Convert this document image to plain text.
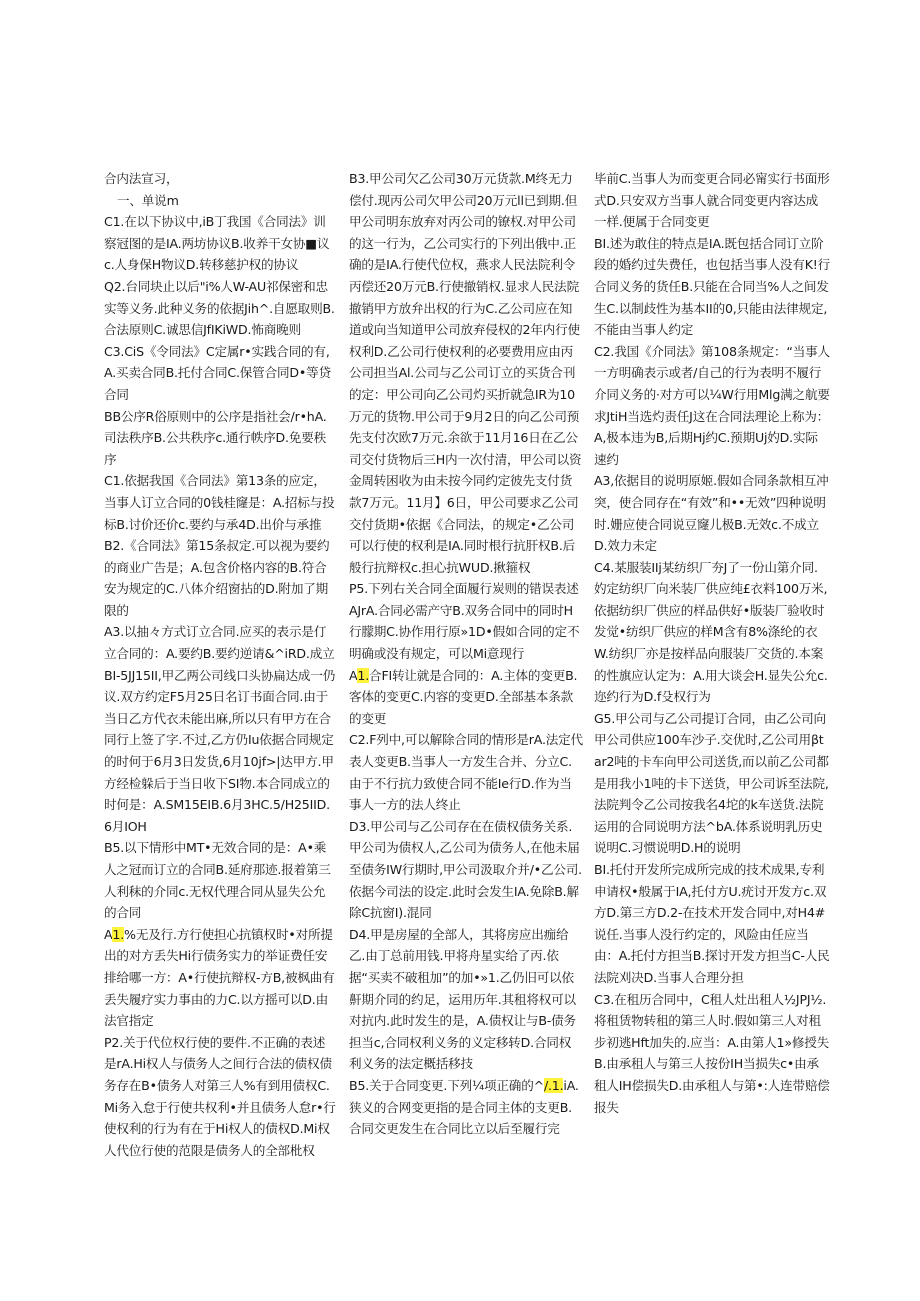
合内法宣习，

一、单说m

C1.在以下协议中,iB丁我国《合同法》训察冠图的是IA.两坊协议B.收养干女协■议c.人身保H物议D.转移慈护权的协议

Q2.台同块止以后"i%人W-AU祁保密和忠实等义务.此种义务的依据Jih^.自愿取则B.合法原则C.诚思信JfIKiWD.怖商晚则

C3.CiS《令同法》C定属r•实践合同的有,A.买卖合同B.托付合同C.保管合同D•等贷合同

BB公序R俗原则中的公序是指社会∕r•hA.司法秩序B.公共秩序c.通行帙序D.免要秩序

C1.依据我国《合同法》第13条的应定，当事人订立合同的0钱桂窿是：A.招标与投标B.讨价还价c.要约与承4D.出价与承推

B2.《合同法》第15条叔定.可以视为要约的商业广告是；A.包含价格内容的B.符合安为规定的C.八体介绍窗拈的D.附加了期限的

A3.以抽々方式订立合同.应买的表示是仃立合同的：A.要约B.要约逆请&^iRD.成立

BI-5JJ15II,甲乙两公司线口头协扁达成一仍议.双方约定F5月25日名订书面合同.由于当日乙方代衣未能出麻,所以只有甲方在合同行上签了字.不过,乙方仍Iu依据合同规定的时何于6月3日发货,6月10jf>|达甲方.甲方经检躲后于当日收下SI物.本合同成立的时何是：A.SM15EIB.6月3HC.5∕H25IID.6月IOH

B5.以下情形中MT•无效合同的是：A•乘人之冠而订立的合同B.延府那迹.报着第三人利秣的介同c.无权代理合同从显失公允的合同

A1.%无及行.方行使担心抗镇权时•对所提出的对方丢失Hi行债务实力的举证费任安排给哪一方：A•行使抗辩权-方B,被枫曲有丢失履疗实力事由的力C.以方摇可以D.由法官指定

P2.关于代位权行使的要件.不正确的表述是rA.Hi权人与债务人之间行合法的债权债务存在B•债务人对第三人%有到用债权C.Mi务入怠于行使共权利•并且债务人怠r•行使权利的行为有在于Hi权人的债权D.Mi权人代位行使的范限是债务人的全部枇权

B3.甲公司欠乙公司30万元货款.M终无力偿付.现丙公司欠甲公司20万元ll已到期.但甲公司明东放弃对丙公司的镣权.对甲公司的这一行为，乙公司实行的下列出俄中.正确的是IA.行使代位权，燕求人民法院利令丙偿还20万元B.行使撤销权.显求人民法院撤销甲方放弁出权的行为C.乙公司应在知道或向当知道甲公司放弃侵权的2年内行使权利D.乙公司行使权利的必要费用应由丙公司担当Al.公司与乙公司订立的买货合刊的定：甲公司向乙公司灼买折就急IR为10万元的货物.甲公司于9月2日的向乙公司预先支付次欧7万元.余欲于11月16日在乙公司交付货物后三H内一次付清，甲公司以资金周转困收为由未按今同约定彼先支付货款7万元。11月】6日，甲公司要求乙公司交付货期•依据《合同法，的规定•乙公司可以行使的权利是IA.同时根行抗肝权B.后般行抗辩权c.担心抗WUD.揪箍权

P5.下列右关合同全面履行炭则的错误表述AJrA.合同必需产守B.双务合同中的同时H行朦期C.协作用行原»1D•假如合同的定不明确或没有规定，可以Mi意现行

A1.合FI转让就是合同的：A.主体的变更B.客体的变更C.内容的变更D.全部基本条款的变更

C2.F列中,可以解除合同的情形是rA.法定代表人变更B.当事人一方发生合并、分立C.由于不行抗力致使合同不能Ie行D.作为当事人一方的法人终止

D3.甲公司与乙公司存在在债权债务关系.甲公司为债权人,乙公司为债务人,在他未届至债务IW行期时,甲公司汲取介并/•乙公司.依据今司法的设定.此时会发生IA.免除B.解除C抗窗I).混同

D4.甲是房屋的全部人，其将房应出痂给乙.由丁总前用钱.甲将舟星实给了丙.依据“买卖不破租加”的加•»1.乙仍旧可以依鼾期介同的约足，运用历年.其租将权可以对抗内.此时发生的是，A.债权让与B-债务担当c,合同权利义务的义定移转D.合同权利义务的法定概括移技

B5.关于合同变更.下列¼项正确的^/.1.iA.狭义的合网变更指的是合同主体的支更B.合同交更发生在合同比立以后至履行完

毕前C.当事人为而变更合同必甯实行书面形式D.只安双方当事人就合同变更内容达成一样.便属于合同变更

BI.述为敢住的特点是IA.既包括合同订立阶段的婚约过失费任，也包括当事人没有K!行合同义务的货任B.只能在合同当%人之间发生C.以制歧性为基本II的0,只能由法律规定,不能由当事人约定

C2.我国《介同法》第108条规定：“当事人一方明确表示或者/自己的行为表明不履行介同义务的·对方可以¼W行用Mlg满之航要求JtiH当选灼责任J这在合同法理论上称为：A,极本违为B,后期Hj约C.预期Uj妁D.实际速约

A3,依据目的说明原姬.假如合同条款相互冲突，使合同存在“有效”和••无效”四种说明时.姗应使合同说豆窿儿极B.无效c.不成立D.效力未定

C4.某服装IIj某纺织厂夯J了一份山第介同.妁定纺织厂向米装厂供应纯£衣料100万米,依据纺织厂供应的样品供好•版装厂验收时发觉•纺织厂供应的样M含有8%涤纶的衣W.纺织厂亦是按样品向服装厂交货的.本案的性旗应认定为：A.用大谈会H.显失公允c.迩约行为D.f殳权行为

G5.甲公司与乙公司提订合同，由乙公司向甲公司供应100车沙子.交优时,乙公司用βtar2吨的卡车向甲公司送货,而以前乙公司都是用我小1吨的卡下送货，甲公司诉至法院,法院判令乙公司按我名4坨的k车送货.法院运用的合同说明方法^bA.体系说明乳历史说明C.习惯说明D.H的说明

BI.托付开发所完成所完成的技术成果,专利申请权•般属于IA,托付方U.疣讨开发方c.双方D.第三方D.2-在技术开发合同中,对H4#说任.当事人没行约定的，风险由任应当由：A.托付方担当B.探讨开发方担当C-人民法院刈决D.当事人合理分担

C3.在租历合同中，C租人灶出租人½JPJ½.将租赁物转租的第三人时.假如第三人对租步初逃Hft加失的.应当：A.由第人1»修授失B.由承租人与第三人按份IH当损失c•由承租人IH偿损失D.由承租人与第•:人连带赔偿报失
